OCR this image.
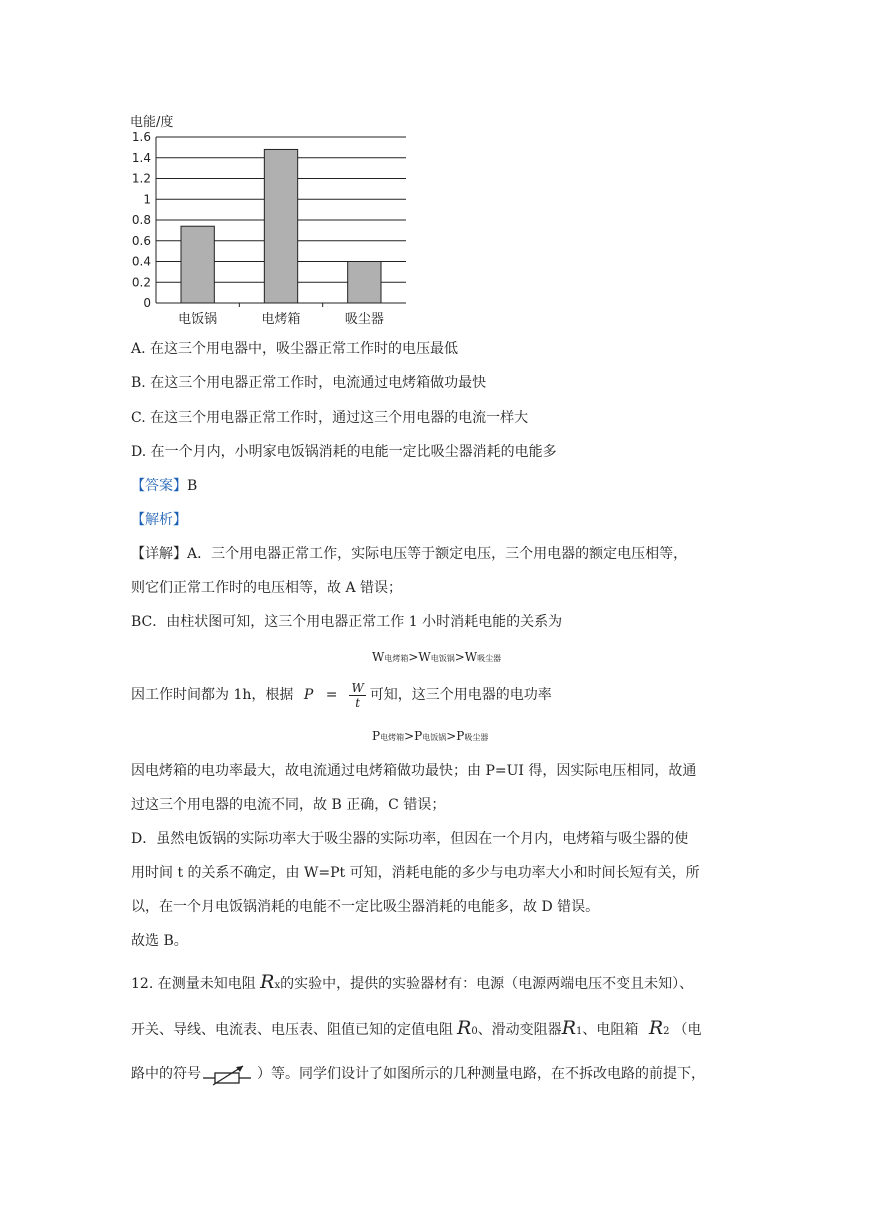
电能/度
0
0.2
0.4
0.6
0.8
1
1.2
1.4
1.6
电饭锅	电烤箱	吸尘器
A. 在这三个用电器中，吸尘器正常工作时的电压最低
B. 在这三个用电器正常工作时，电流通过电烤箱做功最快
C. 在这三个用电器正常工作时，通过这三个用电器的电流一样大
D. 在一个月内，小明家电饭锅消耗的电能一定比吸尘器消耗的电能多
【答案】B
【解析】
【详解】A．三个用电器正常工作，实际电压等于额定电压，三个用电器的额定电压相等，
则它们正常工作时的电压相等，故 A 错误；
BC．由柱状图可知，这三个用电器正常工作 1 小时消耗电能的关系为
W电烤箱>W电饭锅>W吸尘器
因工作时间都为 1h，根据 $P = \frac{W}{t}$ 可知，这三个用电器的电功率
P电烤箱>P电饭锅>P吸尘器
因电烤箱的电功率最大，故电流通过电烤箱做功最快；由 P=UI 得，因实际电压相同，故通
过这三个用电器的电流不同，故 B 正确，C 错误；
D．虽然电饭锅的实际功率大于吸尘器的实际功率，但因在一个月内，电烤箱与吸尘器的使
用时间 t 的关系不确定，由 W=Pt 可知，消耗电能的多少与电功率大小和时间长短有关，所
以，在一个月电饭锅消耗的电能不一定比吸尘器消耗的电能多，故 D 错误。
故选 B。
12. 在测量未知电阻 Rx的实验中，提供的实验器材有：电源（电源两端电压不变且未知）、
开关、导线、电流表、电压表、阻值已知的定值电阻 R0、滑动变阻器R1、电阻箱 R2 （电
路中的符号	）等。同学们设计了如图所示的几种测量电路，在不拆改电路的前提下，
